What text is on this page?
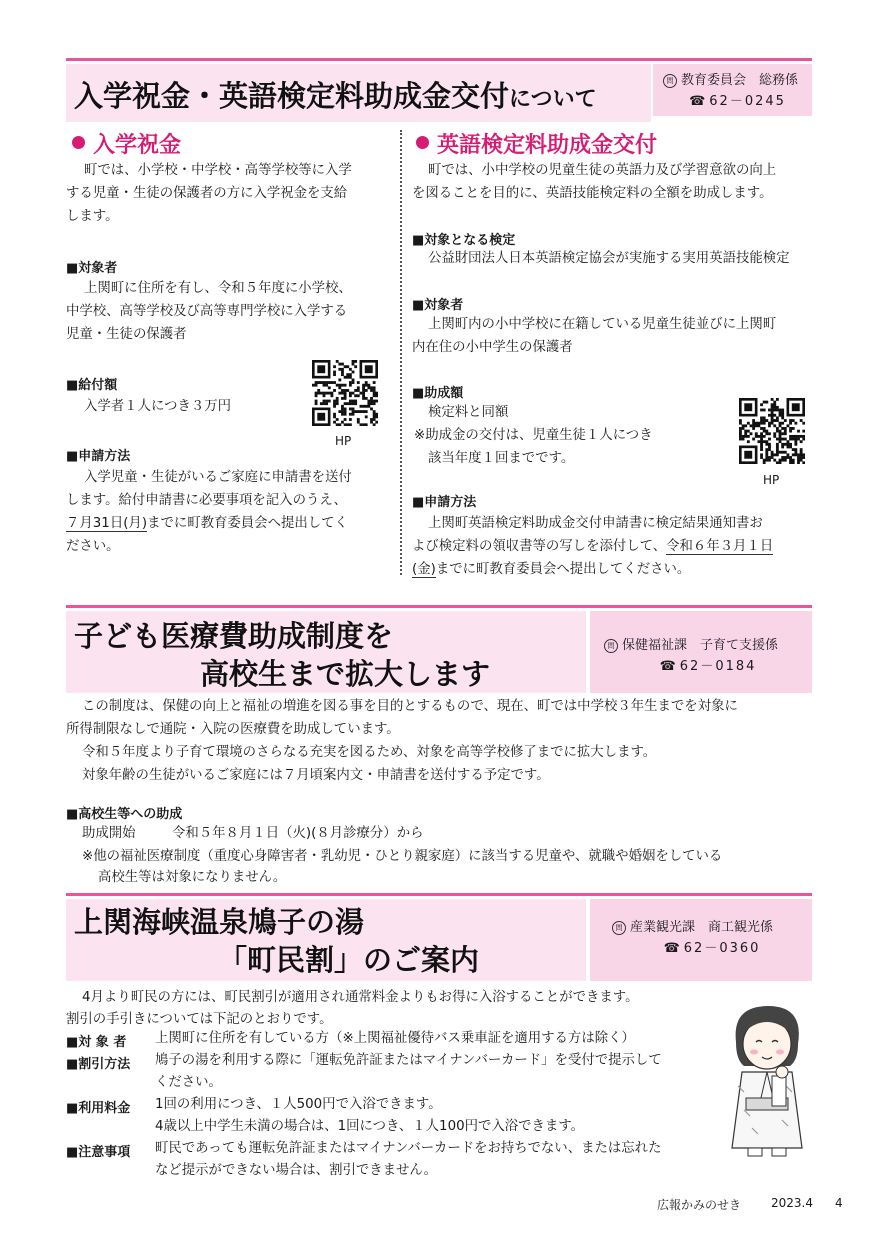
入学祝金・英語検定料助成金交付について
問 教育委員会　総務係
☎ 62－0245
入学祝金
町では、小学校・中学校・高等学校等に入学
する児童・生徒の保護者の方に入学祝金を支給
します。
■対象者
上関町に住所を有し、令和５年度に小学校、
中学校、高等学校及び高等専門学校に入学する
児童・生徒の保護者
■給付額
入学者１人につき３万円
HP
■申請方法
入学児童・生徒がいるご家庭に申請書を送付
します。給付申請書に必要事項を記入のうえ、
７月31日(月)までに町教育委員会へ提出してく
ださい。
英語検定料助成金交付
町では、小中学校の児童生徒の英語力及び学習意欲の向上
を図ることを目的に、英語技能検定料の全額を助成します。
■対象となる検定
公益財団法人日本英語検定協会が実施する実用英語技能検定
■対象者
上関町内の小中学校に在籍している児童生徒並びに上関町
内在住の小中学生の保護者
■助成額
検定料と同額
※助成金の交付は、児童生徒１人につき
該当年度１回までです。
HP
■申請方法
上関町英語検定料助成金交付申請書に検定結果通知書お
よび検定料の領収書等の写しを添付して、令和６年３月１日
(金)までに町教育委員会へ提出してください。
子ども医療費助成制度を
高校生まで拡大します
問 保健福祉課　子育て支援係
☎ 62－0184
この制度は、保健の向上と福祉の増進を図る事を目的とするもので、現在、町では中学校３年生までを対象に
所得制限なしで通院・入院の医療費を助成しています。
令和５年度より子育て環境のさらなる充実を図るため、対象を高等学校修了までに拡大します。
対象年齢の生徒がいるご家庭には７月頃案内文・申請書を送付する予定です。
■高校生等への助成
助成開始	令和５年８月１日（火)(８月診療分）から
※他の福祉医療制度（重度心身障害者・乳幼児・ひとり親家庭）に該当する児童や、就職や婚姻をしている
高校生等は対象になりません。
上関海峡温泉鳩子の湯
「町民割」のご案内
問 産業観光課　商工観光係
☎ 62－0360
4月より町民の方には、町民割引が適用され通常料金よりもお得に入浴することができます。
割引の手引きについては下記のとおりです。
■対 象 者 上関町に住所を有している方（※上関福祉優待バス乗車証を適用する方は除く）
■割引方法 鳩子の湯を利用する際に「運転免許証またはマイナンバーカード」を受付で提示して
ください。
■利用料金 1回の利用につき、１人500円で入浴できます。
4歳以上中学生未満の場合は、1回につき、１人100円で入浴できます。
■注意事項 町民であっても運転免許証またはマイナンバーカードをお持ちでない、または忘れた
など提示ができない場合は、割引できません。
広報かみのせき 2023.4 4
